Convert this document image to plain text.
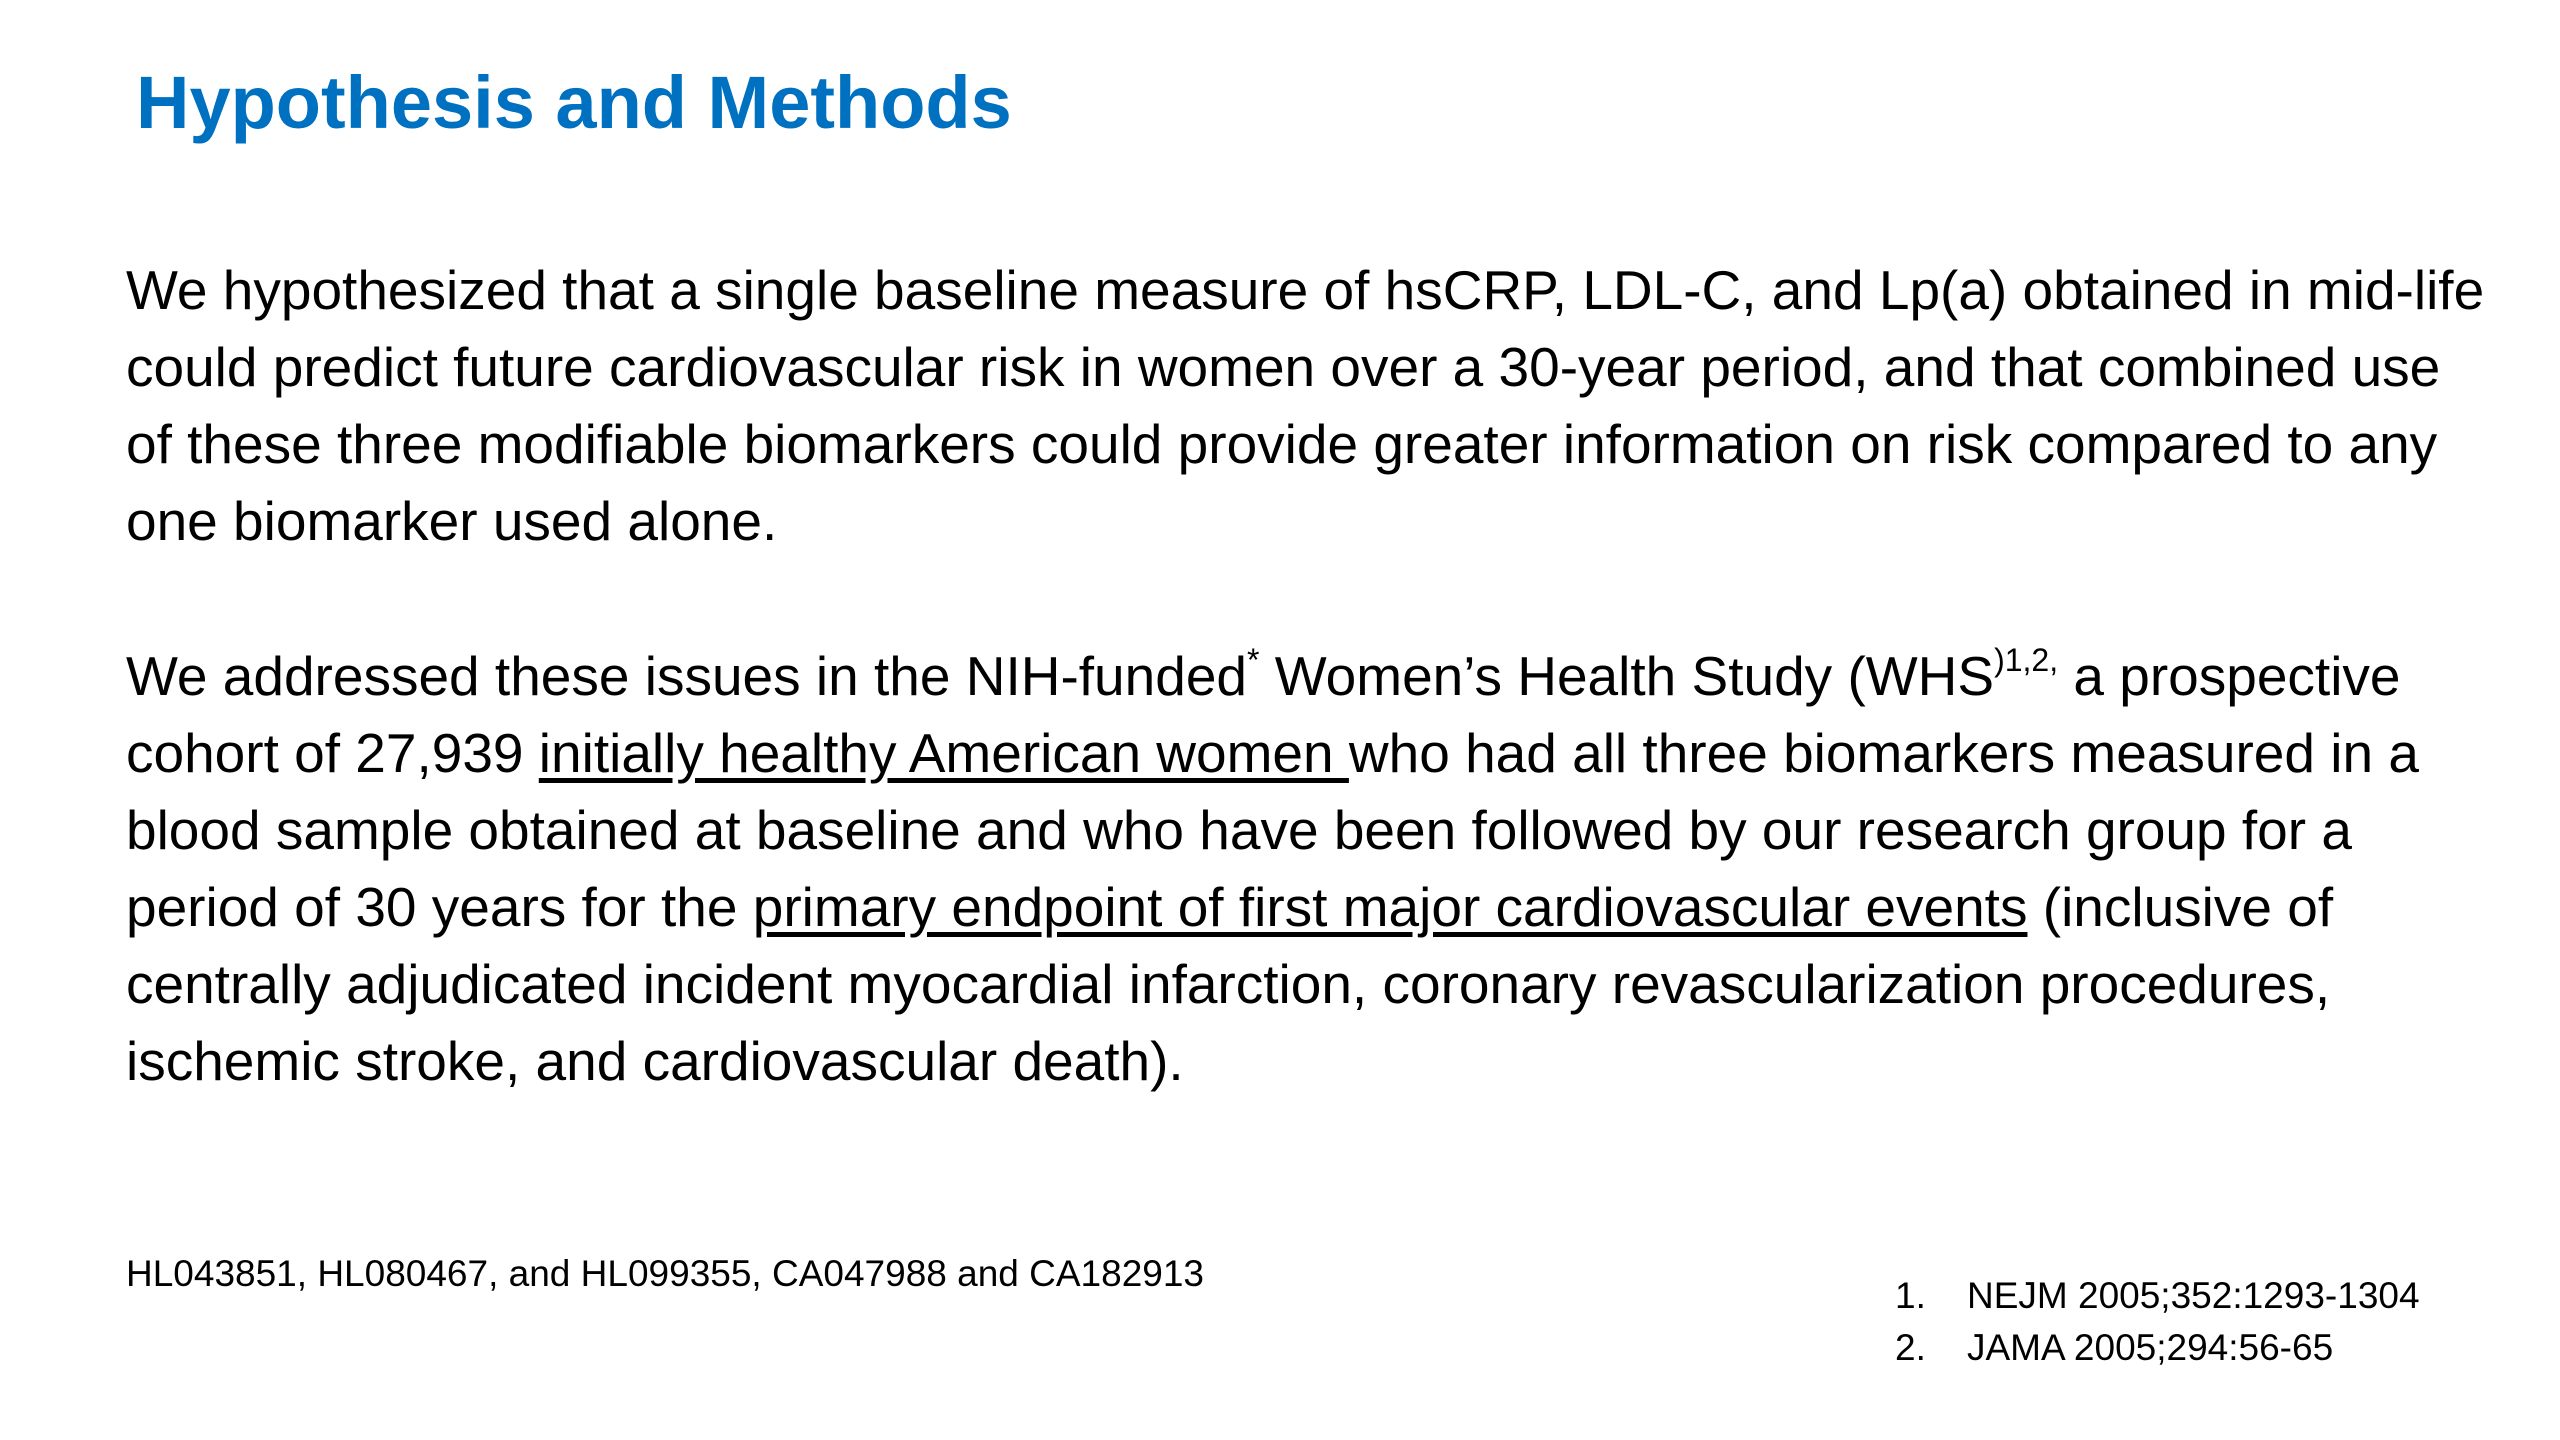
Hypothesis and Methods

We hypothesized that a single baseline measure of hsCRP, LDL-C, and Lp(a) obtained in mid-life could predict future cardiovascular risk in women over a 30-year period, and that combined use of these three modifiable biomarkers could provide greater information on risk compared to any one biomarker used alone.

We addressed these issues in the NIH-funded* Women’s Health Study ($WHS^{)1,2,}$ a prospective cohort of 27,939 initially healthy American women who had all three biomarkers measured in a blood sample obtained at baseline and who have been followed by our research group for a period of 30 years for the primary endpoint of first major cardiovascular events (inclusive of centrally adjudicated incident myocardial infarction, coronary revascularization procedures, ischemic stroke, and cardiovascular death).

HL043851, HL080467, and HL099355, CA047988 and CA182913

1.	NEJM 2005;352:1293-1304
2.	JAMA 2005;294:56-65
